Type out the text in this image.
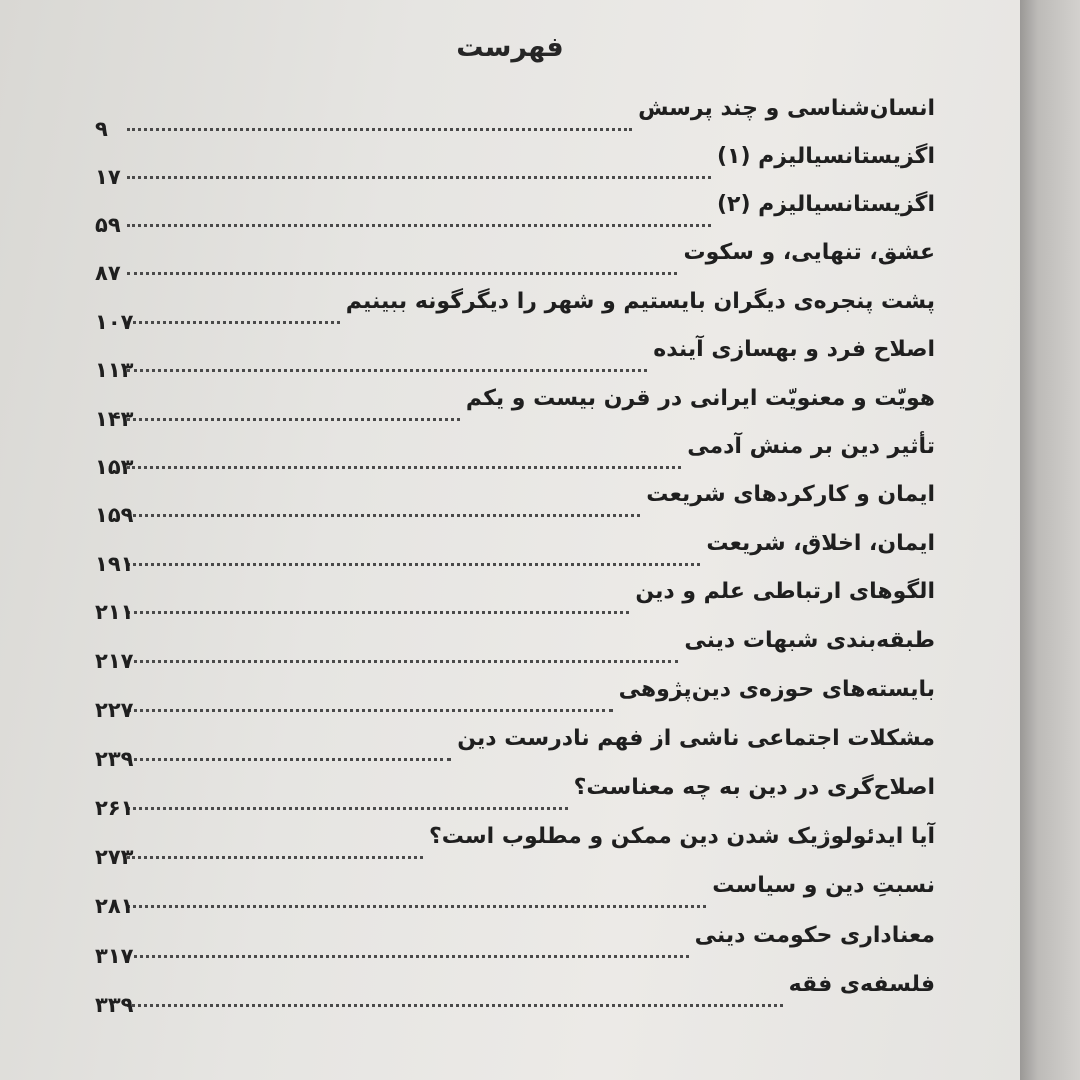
فهرست
انسان‌شناسی و چند پرسش
۹
اگزیستانسیالیزم (۱)
۱۷
اگزیستانسیالیزم (۲)
۵۹
عشق، تنهایی، و سکوت
۸۷
پشت پنجره‌ی دیگران بایستیم و شهر را دیگرگونه ببینیم
۱۰۷
اصلاح فرد و بهسازی آینده
۱۱۳
هویّت و معنویّت ایرانی در قرن بیست و یکم
۱۴۳
تأثیر دین بر منش آدمی
۱۵۳
ایمان و کارکردهای شریعت
۱۵۹
ایمان، اخلاق، شریعت
۱۹۱
الگوهای ارتباطی علم و دین
۲۱۱
طبقه‌بندی شبهات دینی
۲۱۷
بایسته‌های حوزه‌ی دین‌پژوهی
۲۲۷
مشکلات اجتماعی ناشی از فهم نادرست دین
۲۳۹
اصلاح‌گری در دین به چه معناست؟
۲۶۱
آیا ایدئولوژیک شدن دین ممکن و مطلوب است؟
۲۷۳
نسبتِ دین و سیاست
۲۸۱
معناداری حکومت دینی
۳۱۷
فلسفه‌ی فقه
۳۳۹
